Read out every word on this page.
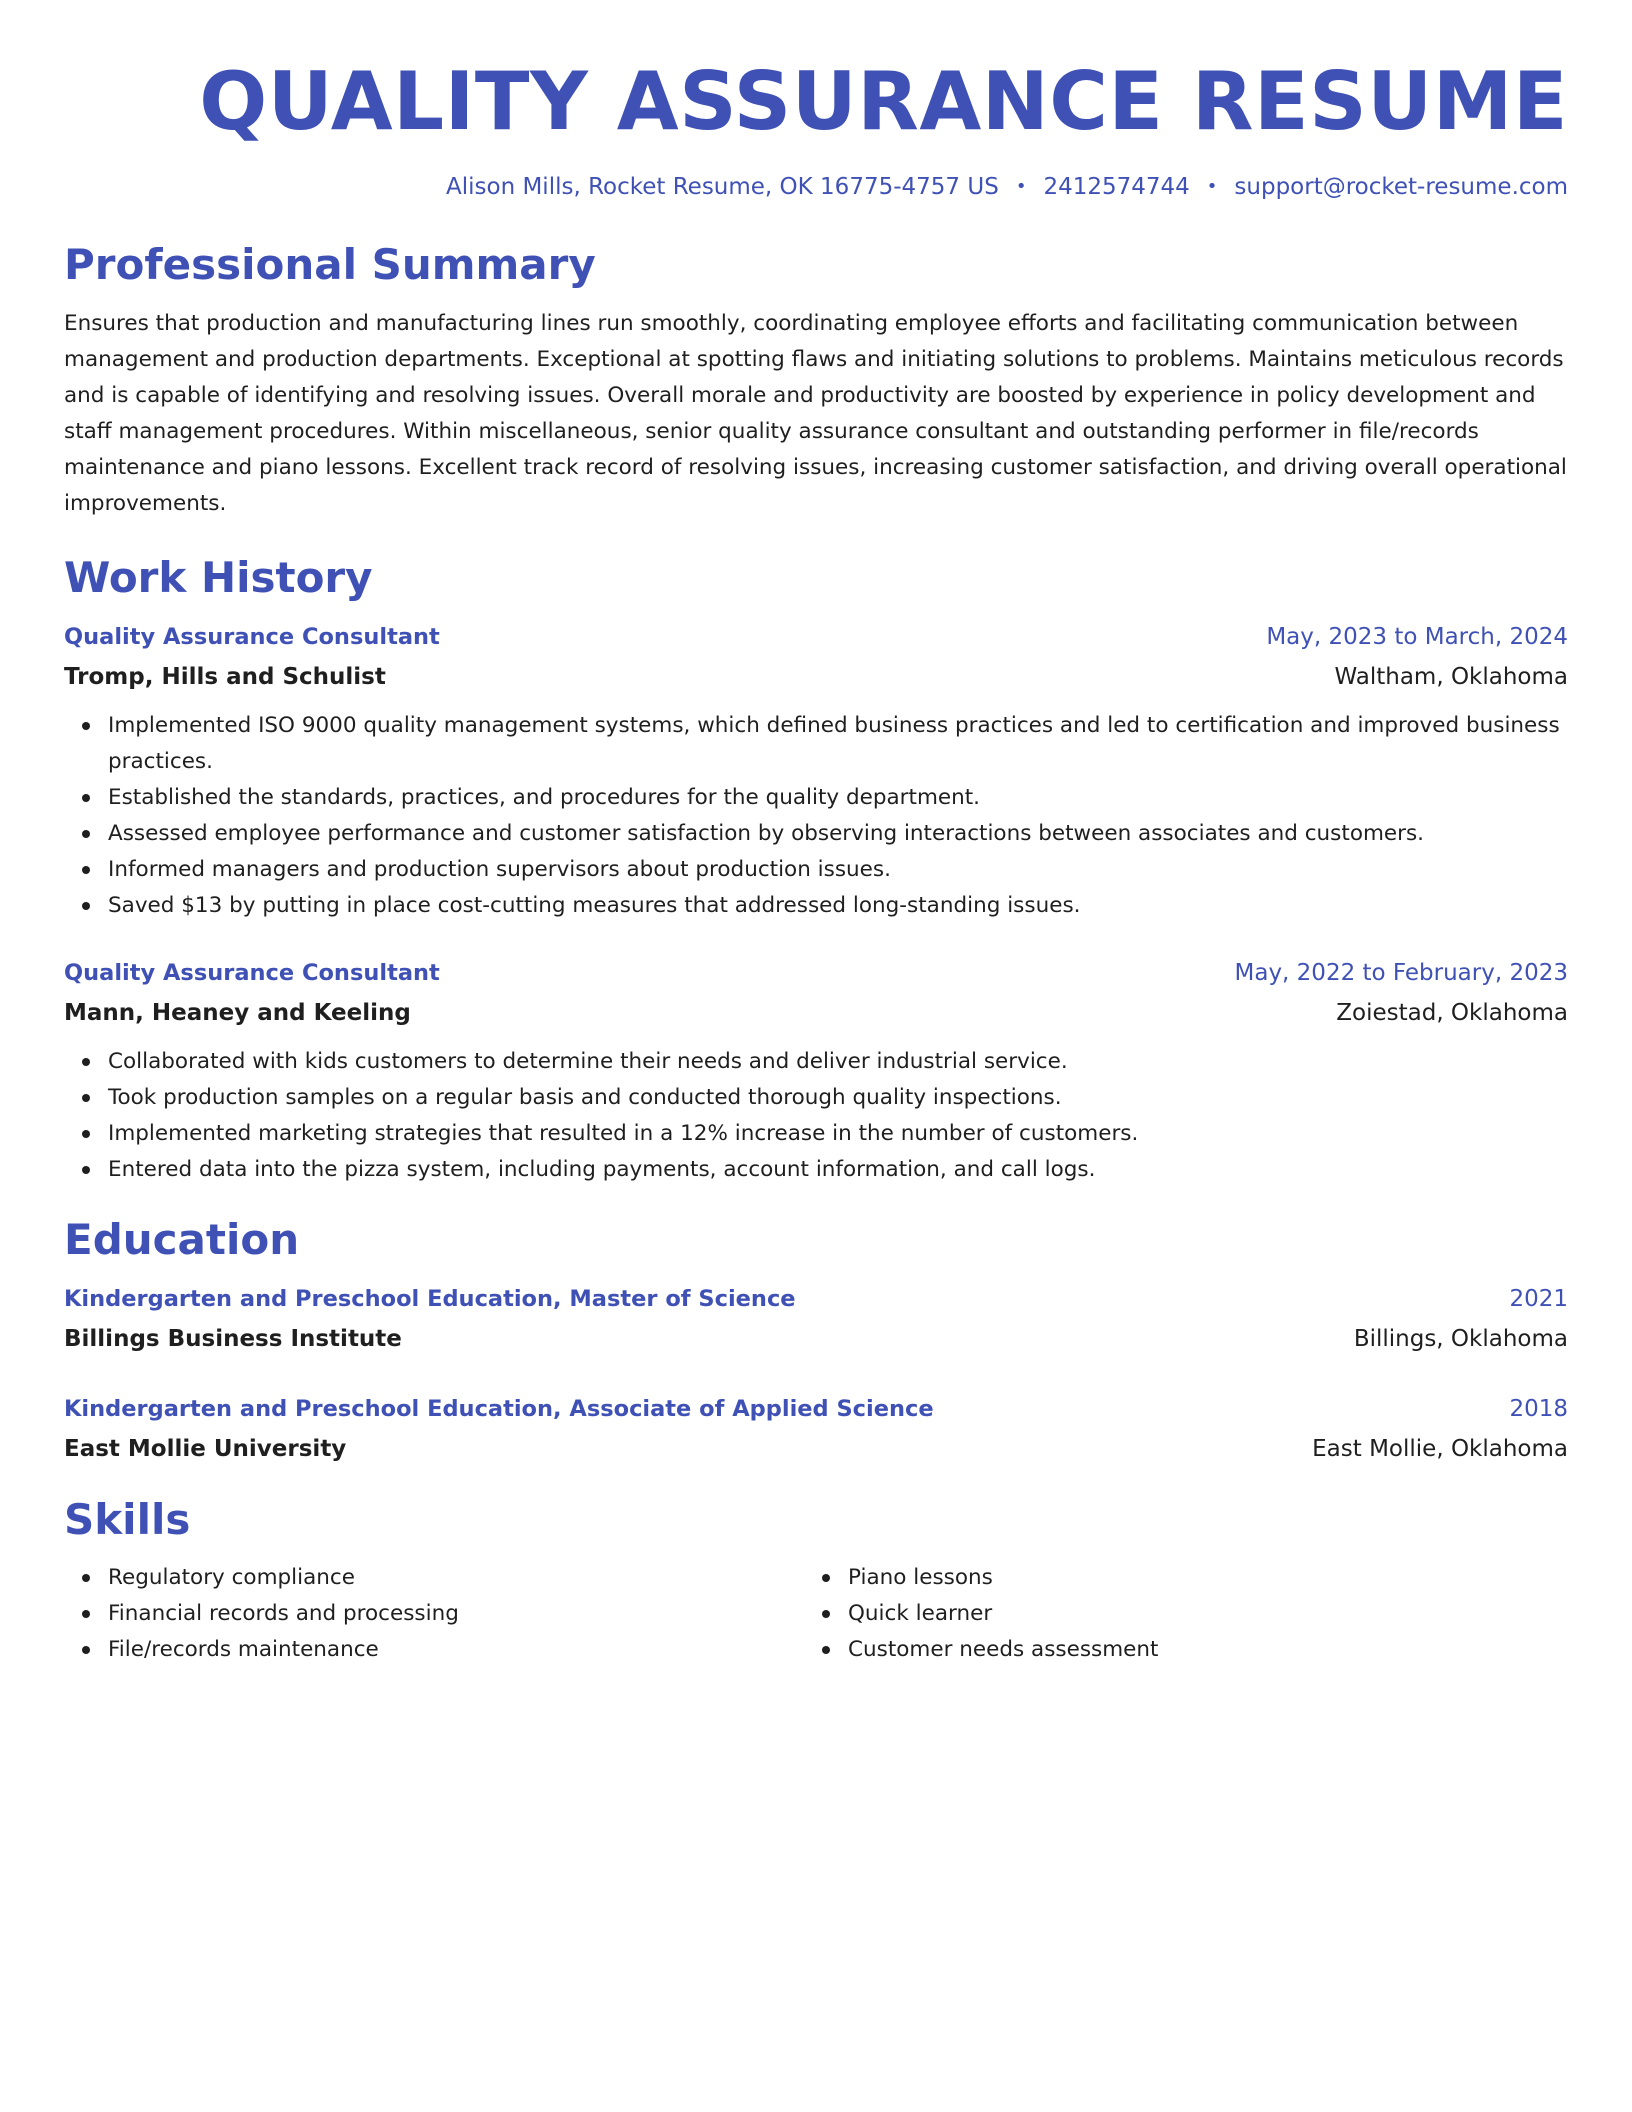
QUALITY ASSURANCE RESUME
Alison Mills, Rocket Resume, OK 16775-4757 US • 2412574744 • support@rocket-resume.com
Professional Summary
Ensures that production and manufacturing lines run smoothly, coordinating employee efforts and facilitating communication between management and production departments. Exceptional at spotting flaws and initiating solutions to problems. Maintains meticulous records and is capable of identifying and resolving issues. Overall morale and productivity are boosted by experience in policy development and staff management procedures. Within miscellaneous, senior quality assurance consultant and outstanding performer in file/records maintenance and piano lessons. Excellent track record of resolving issues, increasing customer satisfaction, and driving overall operational improvements.
Work History
Quality Assurance Consultant	May, 2023 to March, 2024
Tromp, Hills and Schulist	Waltham, Oklahoma
Implemented ISO 9000 quality management systems, which defined business practices and led to certification and improved business practices.
Established the standards, practices, and procedures for the quality department.
Assessed employee performance and customer satisfaction by observing interactions between associates and customers.
Informed managers and production supervisors about production issues.
Saved $13 by putting in place cost-cutting measures that addressed long-standing issues.
Quality Assurance Consultant	May, 2022 to February, 2023
Mann, Heaney and Keeling	Zoiestad, Oklahoma
Collaborated with kids customers to determine their needs and deliver industrial service.
Took production samples on a regular basis and conducted thorough quality inspections.
Implemented marketing strategies that resulted in a 12% increase in the number of customers.
Entered data into the pizza system, including payments, account information, and call logs.
Education
Kindergarten and Preschool Education, Master of Science	2021
Billings Business Institute	Billings, Oklahoma
Kindergarten and Preschool Education, Associate of Applied Science	2018
East Mollie University	East Mollie, Oklahoma
Skills
Regulatory compliance
Financial records and processing
File/records maintenance
Piano lessons
Quick learner
Customer needs assessment
